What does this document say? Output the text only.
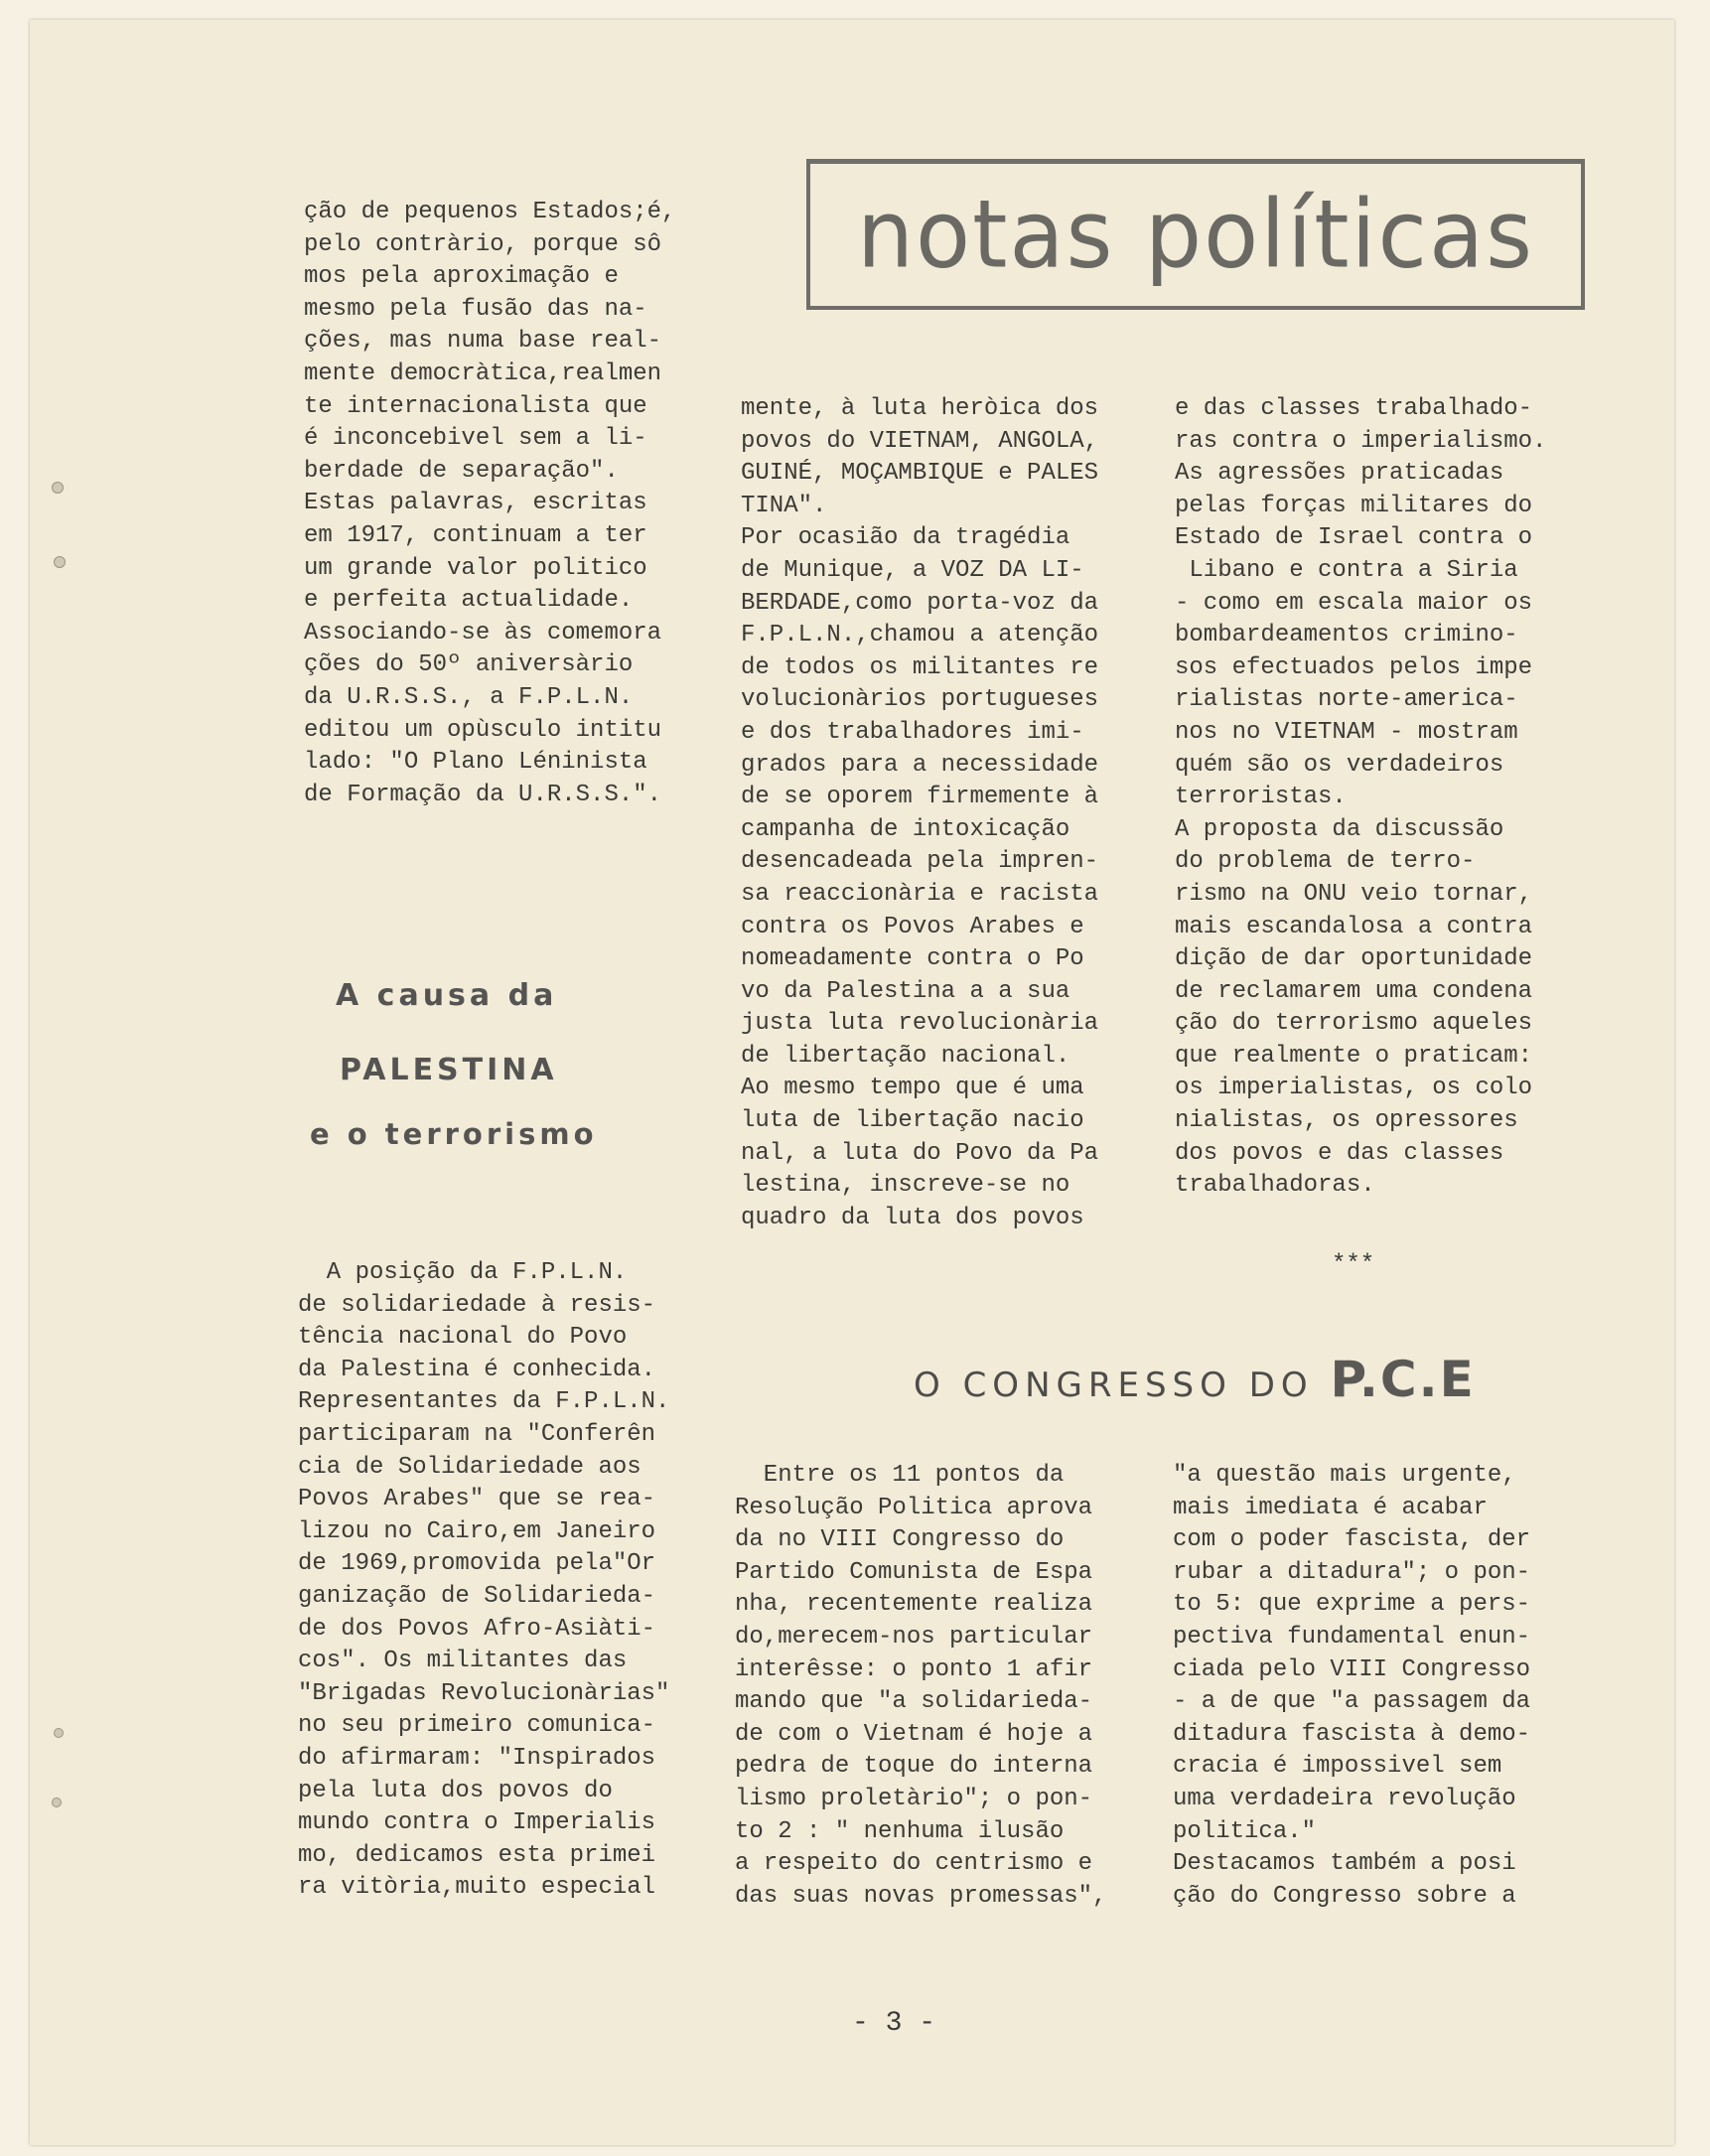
ção de pequenos Estados;é,
pelo contràrio, porque sô
mos pela aproximação e
mesmo pela fusão das na-
ções, mas numa base real-
mente democràtica,realmen
te internacionalista que
é inconcebivel sem a li-
berdade de separação".
Estas palavras, escritas
em 1917, continuam a ter
um grande valor politico
e perfeita actualidade.
Associando-se às comemora
ções do 50º aniversàrio
da U.R.S.S., a F.P.L.N.
editou um opùsculo intitu
lado: "O Plano Léninista
de Formação da U.R.S.S.".
notas políticas
A causa da
PALESTINA
e o terrorismo
A posição da F.P.L.N.
de solidariedade à resis-
tência nacional do Povo
da Palestina é conhecida.
Representantes da F.P.L.N.
participaram na "Conferên
cia de Solidariedade aos
Povos Arabes" que se rea-
lizou no Cairo,em Janeiro
de 1969,promovida pela"Or
ganização de Solidarieda-
de dos Povos Afro-Asiàti-
cos". Os militantes das
"Brigadas Revolucionàrias"
no seu primeiro comunica-
do afirmaram: "Inspirados
pela luta dos povos do
mundo contra o Imperialis
mo, dedicamos esta primei
ra vitòria,muito especial
mente, à luta heròica dos
povos do VIETNAM, ANGOLA,
GUINÉ, MOÇAMBIQUE e PALES
TINA".
Por ocasião da tragédia
de Munique, a VOZ DA LI-
BERDADE,como porta-voz da
F.P.L.N.,chamou a atenção
de todos os militantes re
volucionàrios portugueses
e dos trabalhadores imi-
grados para a necessidade
de se oporem firmemente à
campanha de intoxicação
desencadeada pela impren-
sa reaccionària e racista
contra os Povos Arabes e
nomeadamente contra o Po
vo da Palestina a a sua
justa luta revolucionària
de libertação nacional.
Ao mesmo tempo que é uma
luta de libertação nacio
nal, a luta do Povo da Pa
lestina, inscreve-se no
quadro da luta dos povos
e das classes trabalhado-
ras contra o imperialismo.
As agressões praticadas
pelas forças militares do
Estado de Israel contra o
Libano e contra a Siria
- como em escala maior os
bombardeamentos crimino-
sos efectuados pelos impe
rialistas norte-america-
nos no VIETNAM - mostram
quém são os verdadeiros
terroristas.
A proposta da discussão
do problema de terro-
rismo na ONU veio tornar,
mais escandalosa a contra
dição de dar oportunidade
de reclamarem uma condena
ção do terrorismo aqueles
que realmente o praticam:
os imperialistas, os colo
nialistas, os opressores
dos povos e das classes
trabalhadoras.
***
O CONGRESSO DO P.C.E
Entre os 11 pontos da
Resolução Politica aprova
da no VIII Congresso do
Partido Comunista de Espa
nha, recentemente realiza
do,merecem-nos particular
interêsse: o ponto 1 afir
mando que "a solidarieda-
de com o Vietnam é hoje a
pedra de toque do interna
lismo proletàrio"; o pon-
to 2 : " nenhuma ilusão
a respeito do centrismo e
das suas novas promessas",
"a questão mais urgente,
mais imediata é acabar
com o poder fascista, der
rubar a ditadura"; o pon-
to 5: que exprime a pers-
pectiva fundamental enun-
ciada pelo VIII Congresso
- a de que "a passagem da
ditadura fascista à demo-
cracia é impossivel sem
uma verdadeira revolução
politica."
Destacamos também a posi
ção do Congresso sobre a
- 3 -
